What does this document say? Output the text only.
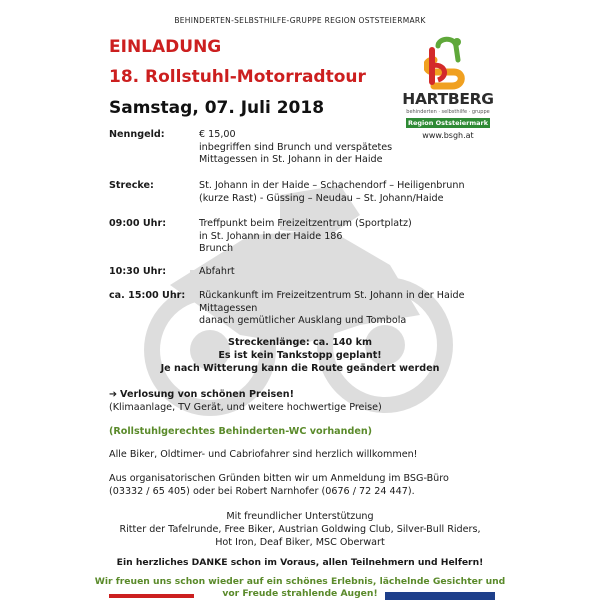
BEHINDERTEN-SELBSTHILFE-GRUPPE REGION OSTSTEIERMARK
EINLADUNG
18. Rollstuhl-Motorradtour
Samstag, 07. Juli 2018	HARTBERG
behinderten · selbsthilfe · gruppe
Region Oststeiermark
www.bsgh.at
Nenngeld:	€ 15,00
inbegriffen sind Brunch und verspätetes
Mittagessen in St. Johann in der Haide
Strecke:	St. Johann in der Haide – Schachendorf – Heiligenbrunn
(kurze Rast) - Güssing – Neudau – St. Johann/Haide
09:00 Uhr:	Treffpunkt beim Freizeitzentrum (Sportplatz)
in St. Johann in der Haide 186
Brunch
10:30 Uhr:	Abfahrt
ca. 15:00 Uhr: Rückankunft im Freizeitzentrum St. Johann in der Haide
Mittagessen
danach gemütlicher Ausklang und Tombola
Streckenlänge: ca. 140 km
Es ist kein Tankstopp geplant!
Je nach Witterung kann die Route geändert werden
➔ Verlosung von schönen Preisen!
(Klimaanlage, TV Gerät, und weitere hochwertige Preise)
(Rollstuhlgerechtes Behinderten-WC vorhanden)
Alle Biker, Oldtimer- und Cabriofahrer sind herzlich willkommen!
Aus organisatorischen Gründen bitten wir um Anmeldung im BSG-Büro
(03332 / 65 405) oder bei Robert Narnhofer (0676 / 72 24 447).
Mit freundlicher Unterstützung
Ritter der Tafelrunde, Free Biker, Austrian Goldwing Club, Silver-Bull Riders,
Hot Iron, Deaf Biker, MSC Oberwart
Ein herzliches DANKE schon im Voraus, allen Teilnehmern und Helfern!
Wir freuen uns schon wieder auf ein schönes Erlebnis, lächelnde Gesichter und
vor Freude strahlende Augen!
